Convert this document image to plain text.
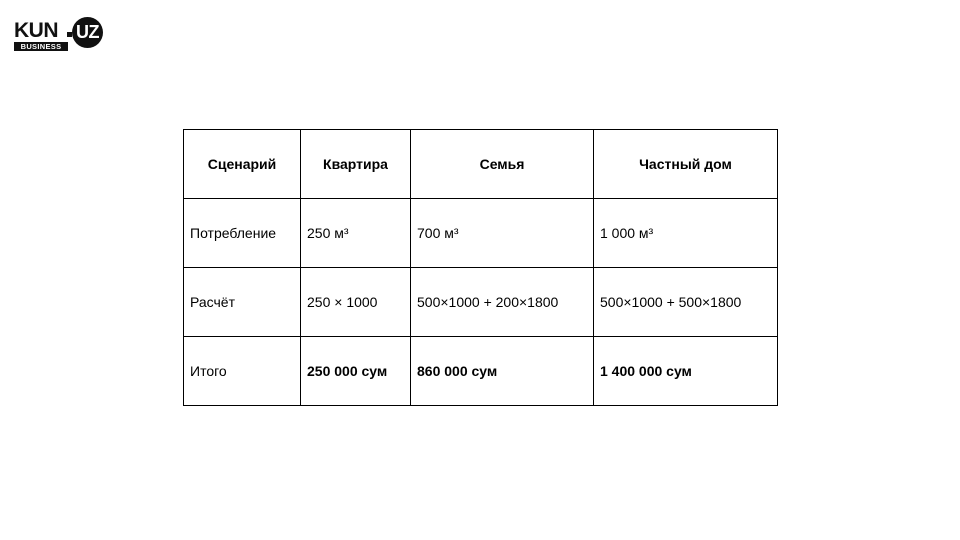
KUN UZ
BUSINESS
Сценарий	Квартира	Семья	Частный дом
Потребление	250 м³	700 м³	1 000 м³
Расчёт	250 × 1000	500×1000 + 200×1800	500×1000 + 500×1800
Итого	250 000 сум	860 000 сум	1 400 000 сум
